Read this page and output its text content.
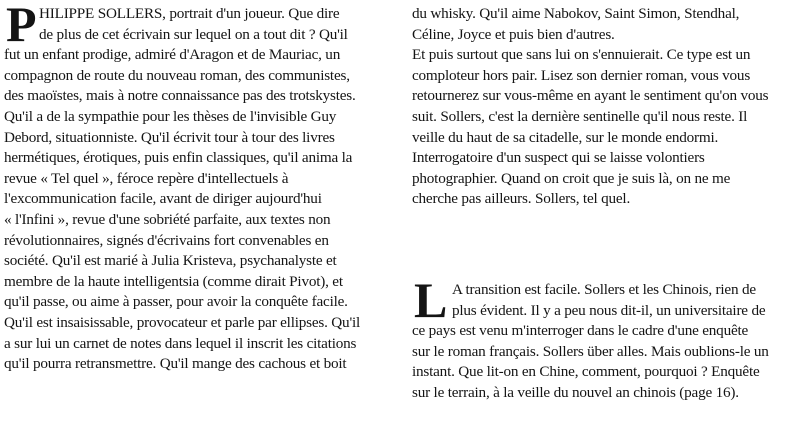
P HILIPPE SOLLERS, portrait d'un joueur. Que dire
de plus de cet écrivain sur lequel on a tout dit ? Qu'il
fut un enfant prodige, admiré d'Aragon et de Mauriac, un
compagnon de route du nouveau roman, des communistes,
des maoïstes, mais à notre connaissance pas des trotskystes.
Qu'il a de la sympathie pour les thèses de l'invisible Guy
Debord, situationniste. Qu'il écrivit tour à tour des livres
hermétiques, érotiques, puis enfin classiques, qu'il anima la
revue « Tel quel », féroce repère d'intellectuels à
l'excommunication facile, avant de diriger aujourd'hui
« l'Infini », revue d'une sobriété parfaite, aux textes non
révolutionnaires, signés d'écrivains fort convenables en
société. Qu'il est marié à Julia Kristeva, psychanalyste et
membre de la haute intelligentsia (comme dirait Pivot), et
qu'il passe, ou aime à passer, pour avoir la conquête facile.
Qu'il est insaisissable, provocateur et parle par ellipses. Qu'il
a sur lui un carnet de notes dans lequel il inscrit les citations
qu'il pourra retransmettre. Qu'il mange des cachous et boit
du whisky. Qu'il aime Nabokov, Saint Simon, Stendhal,
Céline, Joyce et puis bien d'autres.
Et puis surtout que sans lui on s'ennuierait. Ce type est un
comploteur hors pair. Lisez son dernier roman, vous vous
retournerez sur vous-même en ayant le sentiment qu'on vous
suit. Sollers, c'est la dernière sentinelle qu'il nous reste. Il
veille du haut de sa citadelle, sur le monde endormi.
Interrogatoire d'un suspect qui se laisse volontiers
photographier. Quand on croit que je suis là, on ne me
cherche pas ailleurs. Sollers, tel quel.
L A transition est facile. Sollers et les Chinois, rien de
plus évident. Il y a peu nous dit-il, un universitaire de
ce pays est venu m'interroger dans le cadre d'une enquête
sur le roman français. Sollers über alles. Mais oublions-le un
instant. Que lit-on en Chine, comment, pourquoi ? Enquête
sur le terrain, à la veille du nouvel an chinois (page 16).
